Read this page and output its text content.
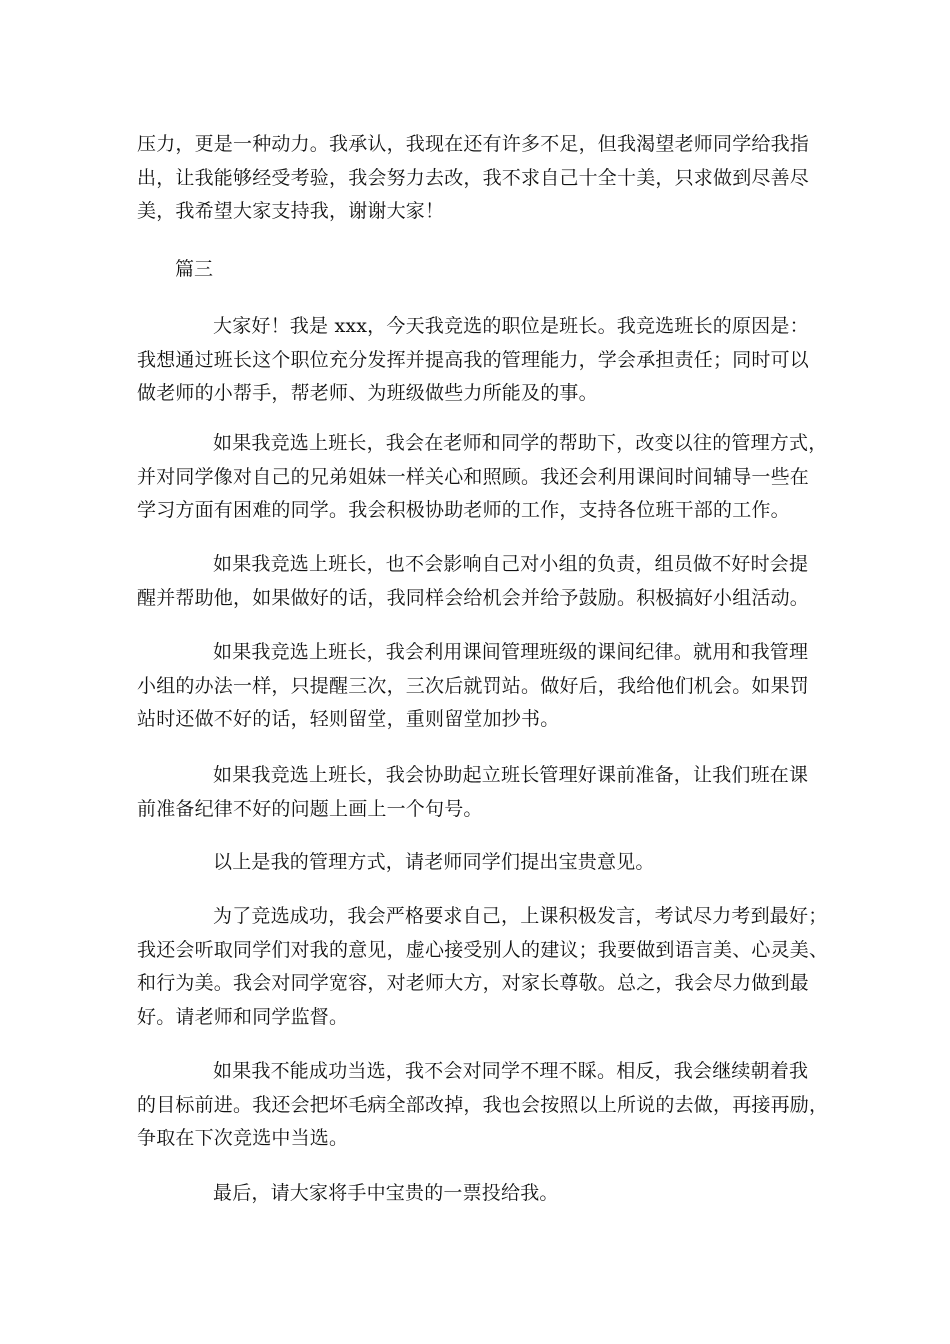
压力，更是一种动力。我承认，我现在还有许多不足，但我渴望老师同学给我指
出，让我能够经受考验，我会努力去改，我不求自己十全十美，只求做到尽善尽
美，我希望大家支持我，谢谢大家！
篇三
大家好！我是 xxx，今天我竞选的职位是班长。我竞选班长的原因是：
我想通过班长这个职位充分发挥并提高我的管理能力，学会承担责任；同时可以
做老师的小帮手，帮老师、为班级做些力所能及的事。
如果我竞选上班长，我会在老师和同学的帮助下，改变以往的管理方式，
并对同学像对自己的兄弟姐妹一样关心和照顾。我还会利用课间时间辅导一些在
学习方面有困难的同学。我会积极协助老师的工作，支持各位班干部的工作。
如果我竞选上班长，也不会影响自己对小组的负责，组员做不好时会提
醒并帮助他，如果做好的话，我同样会给机会并给予鼓励。积极搞好小组活动。
如果我竞选上班长，我会利用课间管理班级的课间纪律。就用和我管理
小组的办法一样，只提醒三次，三次后就罚站。做好后，我给他们机会。如果罚
站时还做不好的话，轻则留堂，重则留堂加抄书。
如果我竞选上班长，我会协助起立班长管理好课前准备，让我们班在课
前准备纪律不好的问题上画上一个句号。
以上是我的管理方式，请老师同学们提出宝贵意见。
为了竞选成功，我会严格要求自己，上课积极发言，考试尽力考到最好；
我还会听取同学们对我的意见，虚心接受别人的建议；我要做到语言美、心灵美、
和行为美。我会对同学宽容，对老师大方，对家长尊敬。总之，我会尽力做到最
好。请老师和同学监督。
如果我不能成功当选，我不会对同学不理不睬。相反，我会继续朝着我
的目标前进。我还会把坏毛病全部改掉，我也会按照以上所说的去做，再接再励，
争取在下次竞选中当选。
最后，请大家将手中宝贵的一票投给我。
